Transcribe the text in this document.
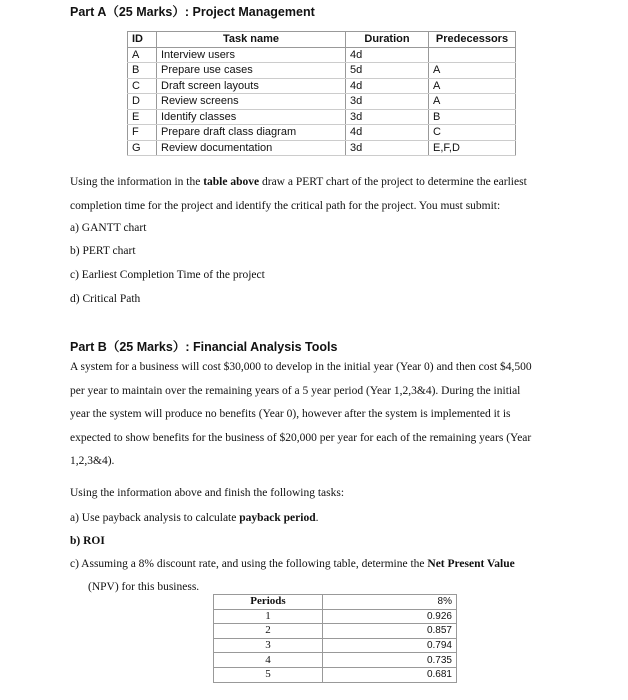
Part A（25 Marks）: Project Management
ID	Task name	Duration	Predecessors
A	Interview users	4d	
B	Prepare use cases	5d	A
C	Draft screen layouts	4d	A
D	Review screens	3d	A
E	Identify classes	3d	B
F	Prepare draft class diagram	4d	C
G	Review documentation	3d	E,F,D
Using the information in the table above draw a PERT chart of the project to determine the earliest
completion time for the project and identify the critical path for the project. You must submit:
a) GANTT chart
b) PERT chart
c) Earliest Completion Time of the project
d) Critical Path
Part B（25 Marks）: Financial Analysis Tools
A system for a business will cost $30,000 to develop in the initial year (Year 0) and then cost $4,500
per year to maintain over the remaining years of a 5 year period (Year 1,2,3&4). During the initial
year the system will produce no benefits (Year 0), however after the system is implemented it is
expected to show benefits for the business of $20,000 per year for each of the remaining years (Year
1,2,3&4).
Using the information above and finish the following tasks:
a) Use payback analysis to calculate payback period.
b) ROI
c) Assuming a 8% discount rate, and using the following table, determine the Net Present Value
(NPV) for this business.
Periods	8%
1	0.926
2	0.857
3	0.794
4	0.735
5	0.681
